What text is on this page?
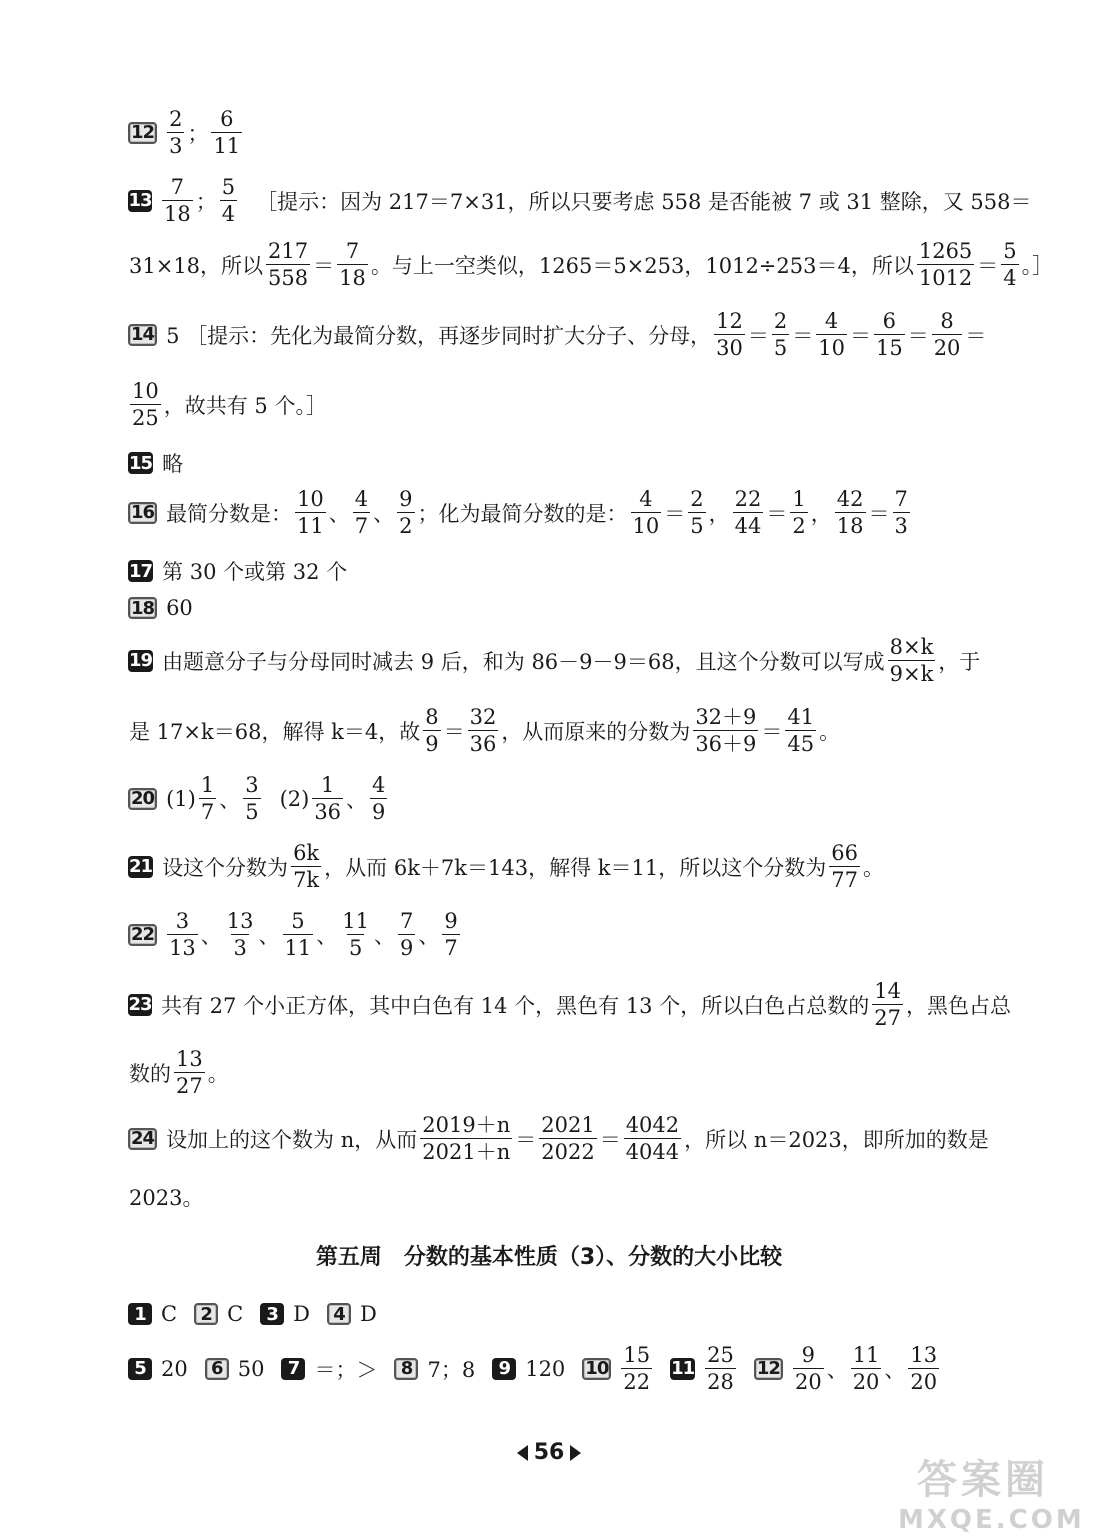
$12 \frac{2}{3}$ ； $\frac{6}{11}$
$13 \frac{7}{18}$ ； $\frac{5}{4}$ ［提示：因为 217＝7×31，所以只要考虑 558 是否能被 7 或 31 整除，又 558＝
31×18，所以 $\frac{217}{558} = \frac{7}{18}$ 。与上一空类似，1265＝5×253，1012÷253＝4，所以 $\frac{1265}{1012} = \frac{5}{4}$ 。］
14 5 ［提示：先化为最简分数，再逐步同时扩大分子、分母， $\frac{12}{30} = \frac{2}{5} = \frac{4}{10} = \frac{6}{15} = \frac{8}{20}$ ＝
$\frac{10}{25}$ ，故共有 5 个。］
15 略
16 最简分数是： $\frac{10}{11}$ 、 $\frac{4}{7}$ 、 $\frac{9}{2}$ ；化为最简分数的是： $\frac{4}{10} = \frac{2}{5}$ ， $\frac{22}{44} = \frac{1}{2}$ ， $\frac{42}{18} = \frac{7}{3}$
17 第 30 个或第 32 个
18 60
19 由题意分子与分母同时减去 9 后，和为 86－9－9＝68，且这个分数可以写成 $\frac{8\times k}{9\times k}$ ，于
是 17×k＝68，解得 k＝4，故 $\frac{8}{9} = \frac{32}{36}$ ，从而原来的分数为 $\frac{32+9}{36+9} = \frac{41}{45}$ 。
20 $(1) \frac{1}{7}$ 、 $\frac{3}{5} (2) \frac{1}{36}$ 、 $\frac{4}{9}$
21 设这个分数为 $\frac{6k}{7k}$ ，从而 6k＋7k＝143，解得 k＝11，所以这个分数为 $\frac{66}{77}$ 。
$22 \frac{3}{13}$ 、 $\frac{13}{3}$ 、 $\frac{5}{11}$ 、 $\frac{11}{5}$ 、 $\frac{7}{9}$ 、 $\frac{9}{7}$
23 共有 27 个小正方体，其中白色有 14 个，黑色有 13 个，所以白色占总数的 $\frac{14}{27}$ ，黑色占总
数的 $\frac{13}{27}$ 。
24 设加上的这个数为 n，从而 $\frac{2019+n}{2021+n} = \frac{2021}{2022} = \frac{4042}{4044}$ ，所以 n＝2023，即所加的数是
2023。
第五周　分数的基本性质（3）、分数的大小比较
1 C	2 C	3 D	4 D
5 20	6 50	7 ＝；＞	8 7；8	9 120 $10 \frac{15}{22} 11 \frac{25}{28} 12 \frac{9}{20}$ 、 $\frac{11}{20}$ 、 $\frac{13}{20}$
56
答案圈
MXQE.COM
